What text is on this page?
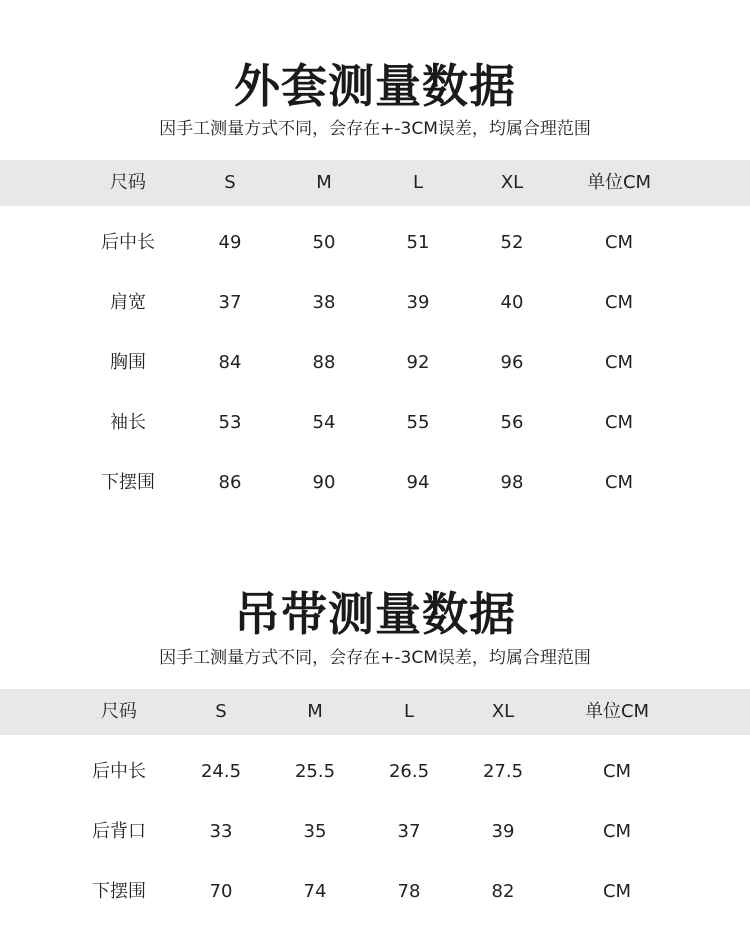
外套测量数据
因手工测量方式不同，会存在+-3CM误差，均属合理范围
尺码	S	M	L	XL	单位CM
后中长	49	50	51	52	CM
肩宽	37	38	39	40	CM
胸围	84	88	92	96	CM
袖长	53	54	55	56	CM
下摆围	86	90	94	98	CM
吊带测量数据
因手工测量方式不同，会存在+-3CM误差，均属合理范围
尺码	S	M	L	XL	单位CM
后中长	24.5	25.5	26.5	27.5	CM
后背口	33	35	37	39	CM
下摆围	70	74	78	82	CM
